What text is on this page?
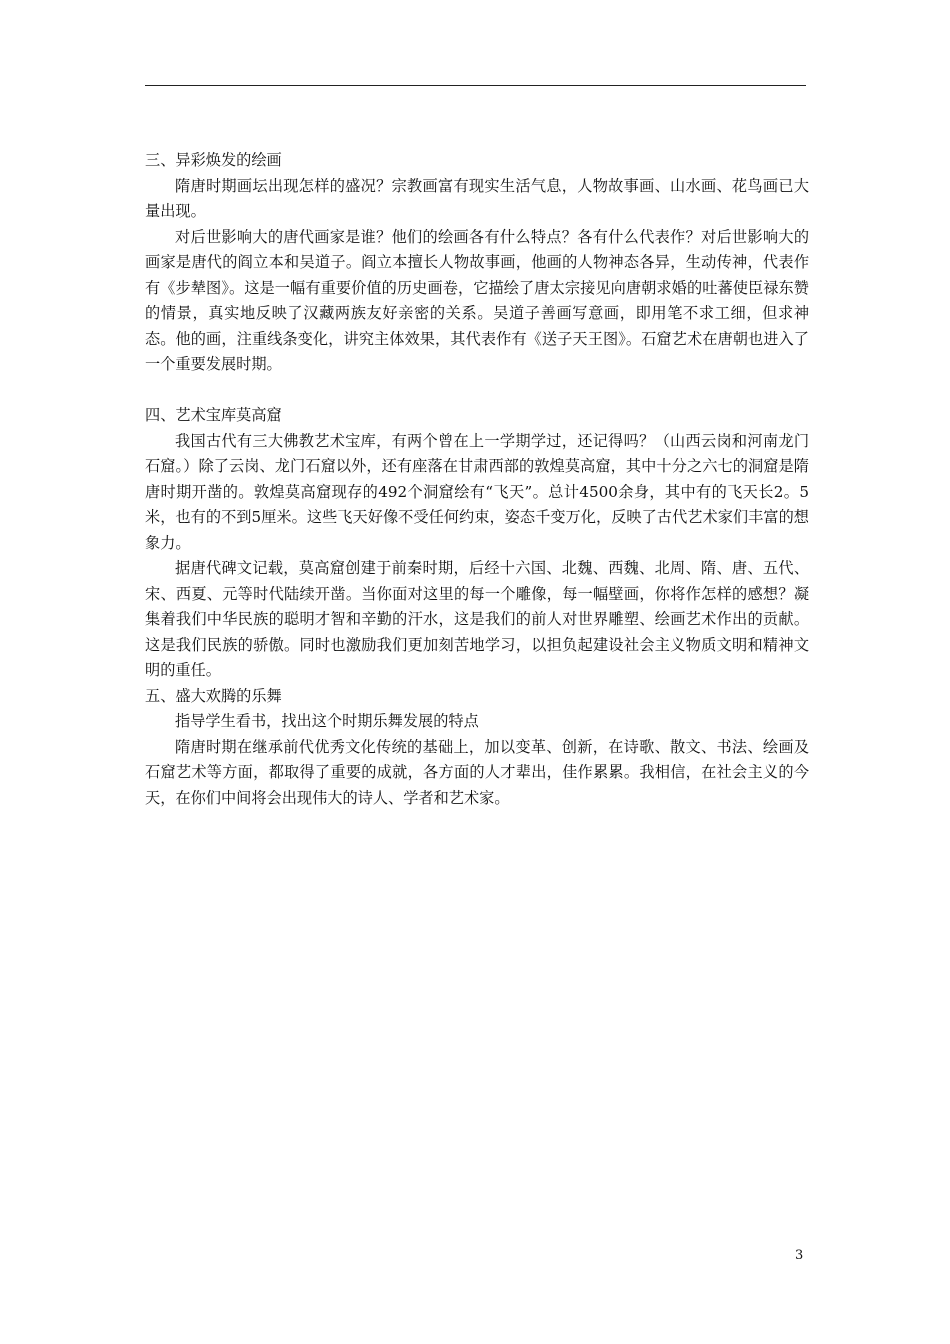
三、异彩焕发的绘画

隋唐时期画坛出现怎样的盛况？宗教画富有现实生活气息，人物故事画、山水画、花鸟画已大量出现。

对后世影响大的唐代画家是谁？他们的绘画各有什么特点？各有什么代表作？对后世影响大的画家是唐代的阎立本和吴道子。阎立本擅长人物故事画，他画的人物神态各异，生动传神，代表作有《步辇图》。这是一幅有重要价值的历史画卷，它描绘了唐太宗接见向唐朝求婚的吐蕃使臣禄东赞的情景，真实地反映了汉藏两族友好亲密的关系。吴道子善画写意画，即用笔不求工细，但求神态。他的画，注重线条变化，讲究主体效果，其代表作有《送子天王图》。石窟艺术在唐朝也进入了一个重要发展时期。

四、艺术宝库莫高窟

我国古代有三大佛教艺术宝库，有两个曾在上一学期学过，还记得吗？（山西云岗和河南龙门石窟。）除了云岗、龙门石窟以外，还有座落在甘肃西部的敦煌莫高窟，其中十分之六七的洞窟是隋唐时期开凿的。敦煌莫高窟现存的492个洞窟绘有“飞天”。总计4500余身，其中有的飞天长2。5米，也有的不到5厘米。这些飞天好像不受任何约束，姿态千变万化，反映了古代艺术家们丰富的想象力。

据唐代碑文记载，莫高窟创建于前秦时期，后经十六国、北魏、西魏、北周、隋、唐、五代、宋、西夏、元等时代陆续开凿。当你面对这里的每一个雕像，每一幅壁画，你将作怎样的感想？凝集着我们中华民族的聪明才智和辛勤的汗水，这是我们的前人对世界雕塑、绘画艺术作出的贡献。这是我们民族的骄傲。同时也激励我们更加刻苦地学习，以担负起建设社会主义物质文明和精神文明的重任。

五、盛大欢腾的乐舞

指导学生看书，找出这个时期乐舞发展的特点

隋唐时期在继承前代优秀文化传统的基础上，加以变革、创新，在诗歌、散文、书法、绘画及石窟艺术等方面，都取得了重要的成就，各方面的人才辈出，佳作累累。我相信，在社会主义的今天，在你们中间将会出现伟大的诗人、学者和艺术家。

3
